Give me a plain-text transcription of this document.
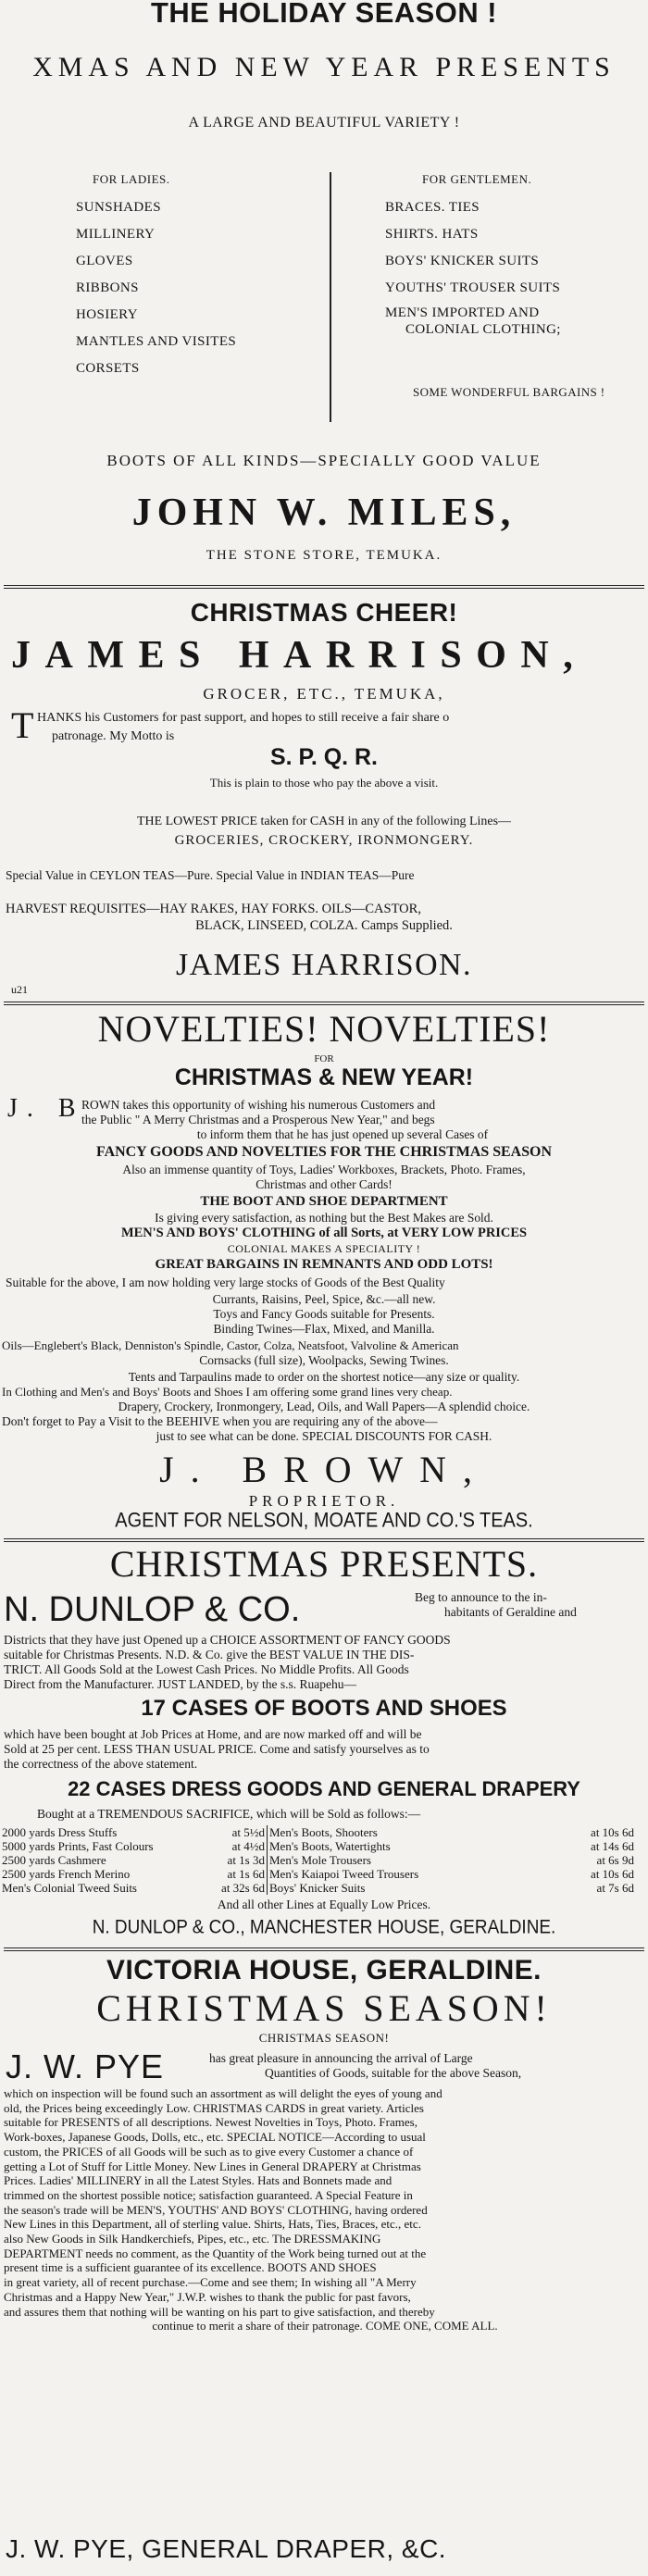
THE HOLIDAY SEASON !
XMAS AND NEW YEAR PRESENTS
A LARGE AND BEAUTIFUL VARIETY !
FOR LADIES.
SUNSHADES
MILLINERY
GLOVES
RIBBONS
HOSIERY
MANTLES AND VISITES
CORSETS
FOR GENTLEMEN.
BRACES. TIES
SHIRTS. HATS
BOYS' KNICKER SUITS
YOUTHS' TROUSER SUITS
MEN'S IMPORTED AND
COLONIAL CLOTHING;
SOME WONDERFUL BARGAINS !
BOOTS OF ALL KINDS—SPECIALLY GOOD VALUE
JOHN W. MILES,
THE STONE STORE, TEMUKA.
CHRISTMAS CHEER!
JAMES HARRISON,
GROCER, ETC., TEMUKA,
T HANKS his Customers for past support, and hopes to still receive a fair share o
patronage. My Motto is
S. P. Q. R.
This is plain to those who pay the above a visit.
THE LOWEST PRICE taken for CASH in any of the following Lines—
GROCERIES, CROCKERY, IRONMONGERY.
Special Value in CEYLON TEAS—Pure. Special Value in INDIAN TEAS—Pure
HARVEST REQUISITES—HAY RAKES, HAY FORKS. OILS—CASTOR,
BLACK, LINSEED, COLZA. Camps Supplied.
JAMES HARRISON.
u21
NOVELTIES! NOVELTIES!
FOR
CHRISTMAS & NEW YEAR!
J. B
ROWN takes this opportunity of wishing his numerous Customers and
the Public " A Merry Christmas and a Prosperous New Year," and begs
to inform them that he has just opened up several Cases of
FANCY GOODS AND NOVELTIES FOR THE CHRISTMAS SEASON
Also an immense quantity of Toys, Ladies' Workboxes, Brackets, Photo. Frames,
Christmas and other Cards!
THE BOOT AND SHOE DEPARTMENT
Is giving every satisfaction, as nothing but the Best Makes are Sold.
MEN'S AND BOYS' CLOTHING of all Sorts, at VERY LOW PRICES
COLONIAL MAKES A SPECIALITY !
GREAT BARGAINS IN REMNANTS AND ODD LOTS!
Suitable for the above, I am now holding very large stocks of Goods of the Best Quality
Currants, Raisins, Peel, Spice, &c.—all new.
Toys and Fancy Goods suitable for Presents.
Binding Twines—Flax, Mixed, and Manilla.
Oils—Englebert's Black, Denniston's Spindle, Castor, Colza, Neatsfoot, Valvoline & American
Cornsacks (full size), Woolpacks, Sewing Twines.
Tents and Tarpaulins made to order on the shortest notice—any size or quality.
In Clothing and Men's and Boys' Boots and Shoes I am offering some grand lines very cheap.
Drapery, Crockery, Ironmongery, Lead, Oils, and Wall Papers—A splendid choice.
Don't forget to Pay a Visit to the BEEHIVE when you are requiring any of the above—
just to see what can be done. SPECIAL DISCOUNTS FOR CASH.
J. BROWN,
PROPRIETOR.
AGENT FOR NELSON, MOATE AND CO.'S TEAS.
CHRISTMAS PRESENTS.
N. DUNLOP & CO.	Beg to announce to the in-
habitants of Geraldine and
Districts that they have just Opened up a CHOICE ASSORTMENT OF FANCY GOODS
suitable for Christmas Presents. N.D. & Co. give the BEST VALUE IN THE DIS-
TRICT. All Goods Sold at the Lowest Cash Prices. No Middle Profits. All Goods
Direct from the Manufacturer. JUST LANDED, by the s.s. Ruapehu—
17 CASES OF BOOTS AND SHOES
which have been bought at Job Prices at Home, and are now marked off and will be
Sold at 25 per cent. LESS THAN USUAL PRICE. Come and satisfy yourselves as to
the correctness of the above statement.
22 CASES DRESS GOODS AND GENERAL DRAPERY
Bought at a TREMENDOUS SACRIFICE, which will be Sold as follows:—
2000 yards Dress Stuffs	at 5½d	Men's Boots, Shooters	at 10s 6d
5000 yards Prints, Fast Colours	at 4½d	Men's Boots, Watertights	at 14s 6d
2500 yards Cashmere	at 1s 3d	Men's Mole Trousers	at 6s 9d
2500 yards French Merino	at 1s 6d	Men's Kaiapoi Tweed Trousers	at 10s 6d
Men's Colonial Tweed Suits	at 32s 6d	Boys' Knicker Suits	at 7s 6d
And all other Lines at Equally Low Prices.
N. DUNLOP & CO., MANCHESTER HOUSE, GERALDINE.
VICTORIA HOUSE, GERALDINE.
CHRISTMAS SEASON!
CHRISTMAS SEASON!
J. W. PYE	has great pleasure in announcing the arrival of Large
Quantities of Goods, suitable for the above Season,
which on inspection will be found such an assortment as will delight the eyes of young and
old, the Prices being exceedingly Low. CHRISTMAS CARDS in great variety. Articles
suitable for PRESENTS of all descriptions. Newest Novelties in Toys, Photo. Frames,
Work-boxes, Japanese Goods, Dolls, etc., etc. SPECIAL NOTICE—According to usual
custom, the PRICES of all Goods will be such as to give every Customer a chance of
getting a Lot of Stuff for Little Money. New Lines in General DRAPERY at Christmas
Prices. Ladies' MILLINERY in all the Latest Styles. Hats and Bonnets made and
trimmed on the shortest possible notice; satisfaction guaranteed. A Special Feature in
the season's trade will be MEN'S, YOUTHS' AND BOYS' CLOTHING, having ordered
New Lines in this Department, all of sterling value. Shirts, Hats, Ties, Braces, etc., etc.
also New Goods in Silk Handkerchiefs, Pipes, etc., etc. The DRESSMAKING
DEPARTMENT needs no comment, as the Quantity of the Work being turned out at the
present time is a sufficient guarantee of its excellence. BOOTS AND SHOES
in great variety, all of recent purchase.—Come and see them; In wishing all "A Merry
Christmas and a Happy New Year," J.W.P. wishes to thank the public for past favors,
and assures them that nothing will be wanting on his part to give satisfaction, and thereby
continue to merit a share of their patronage. COME ONE, COME ALL.
J. W. PYE, GENERAL DRAPER, &C.
